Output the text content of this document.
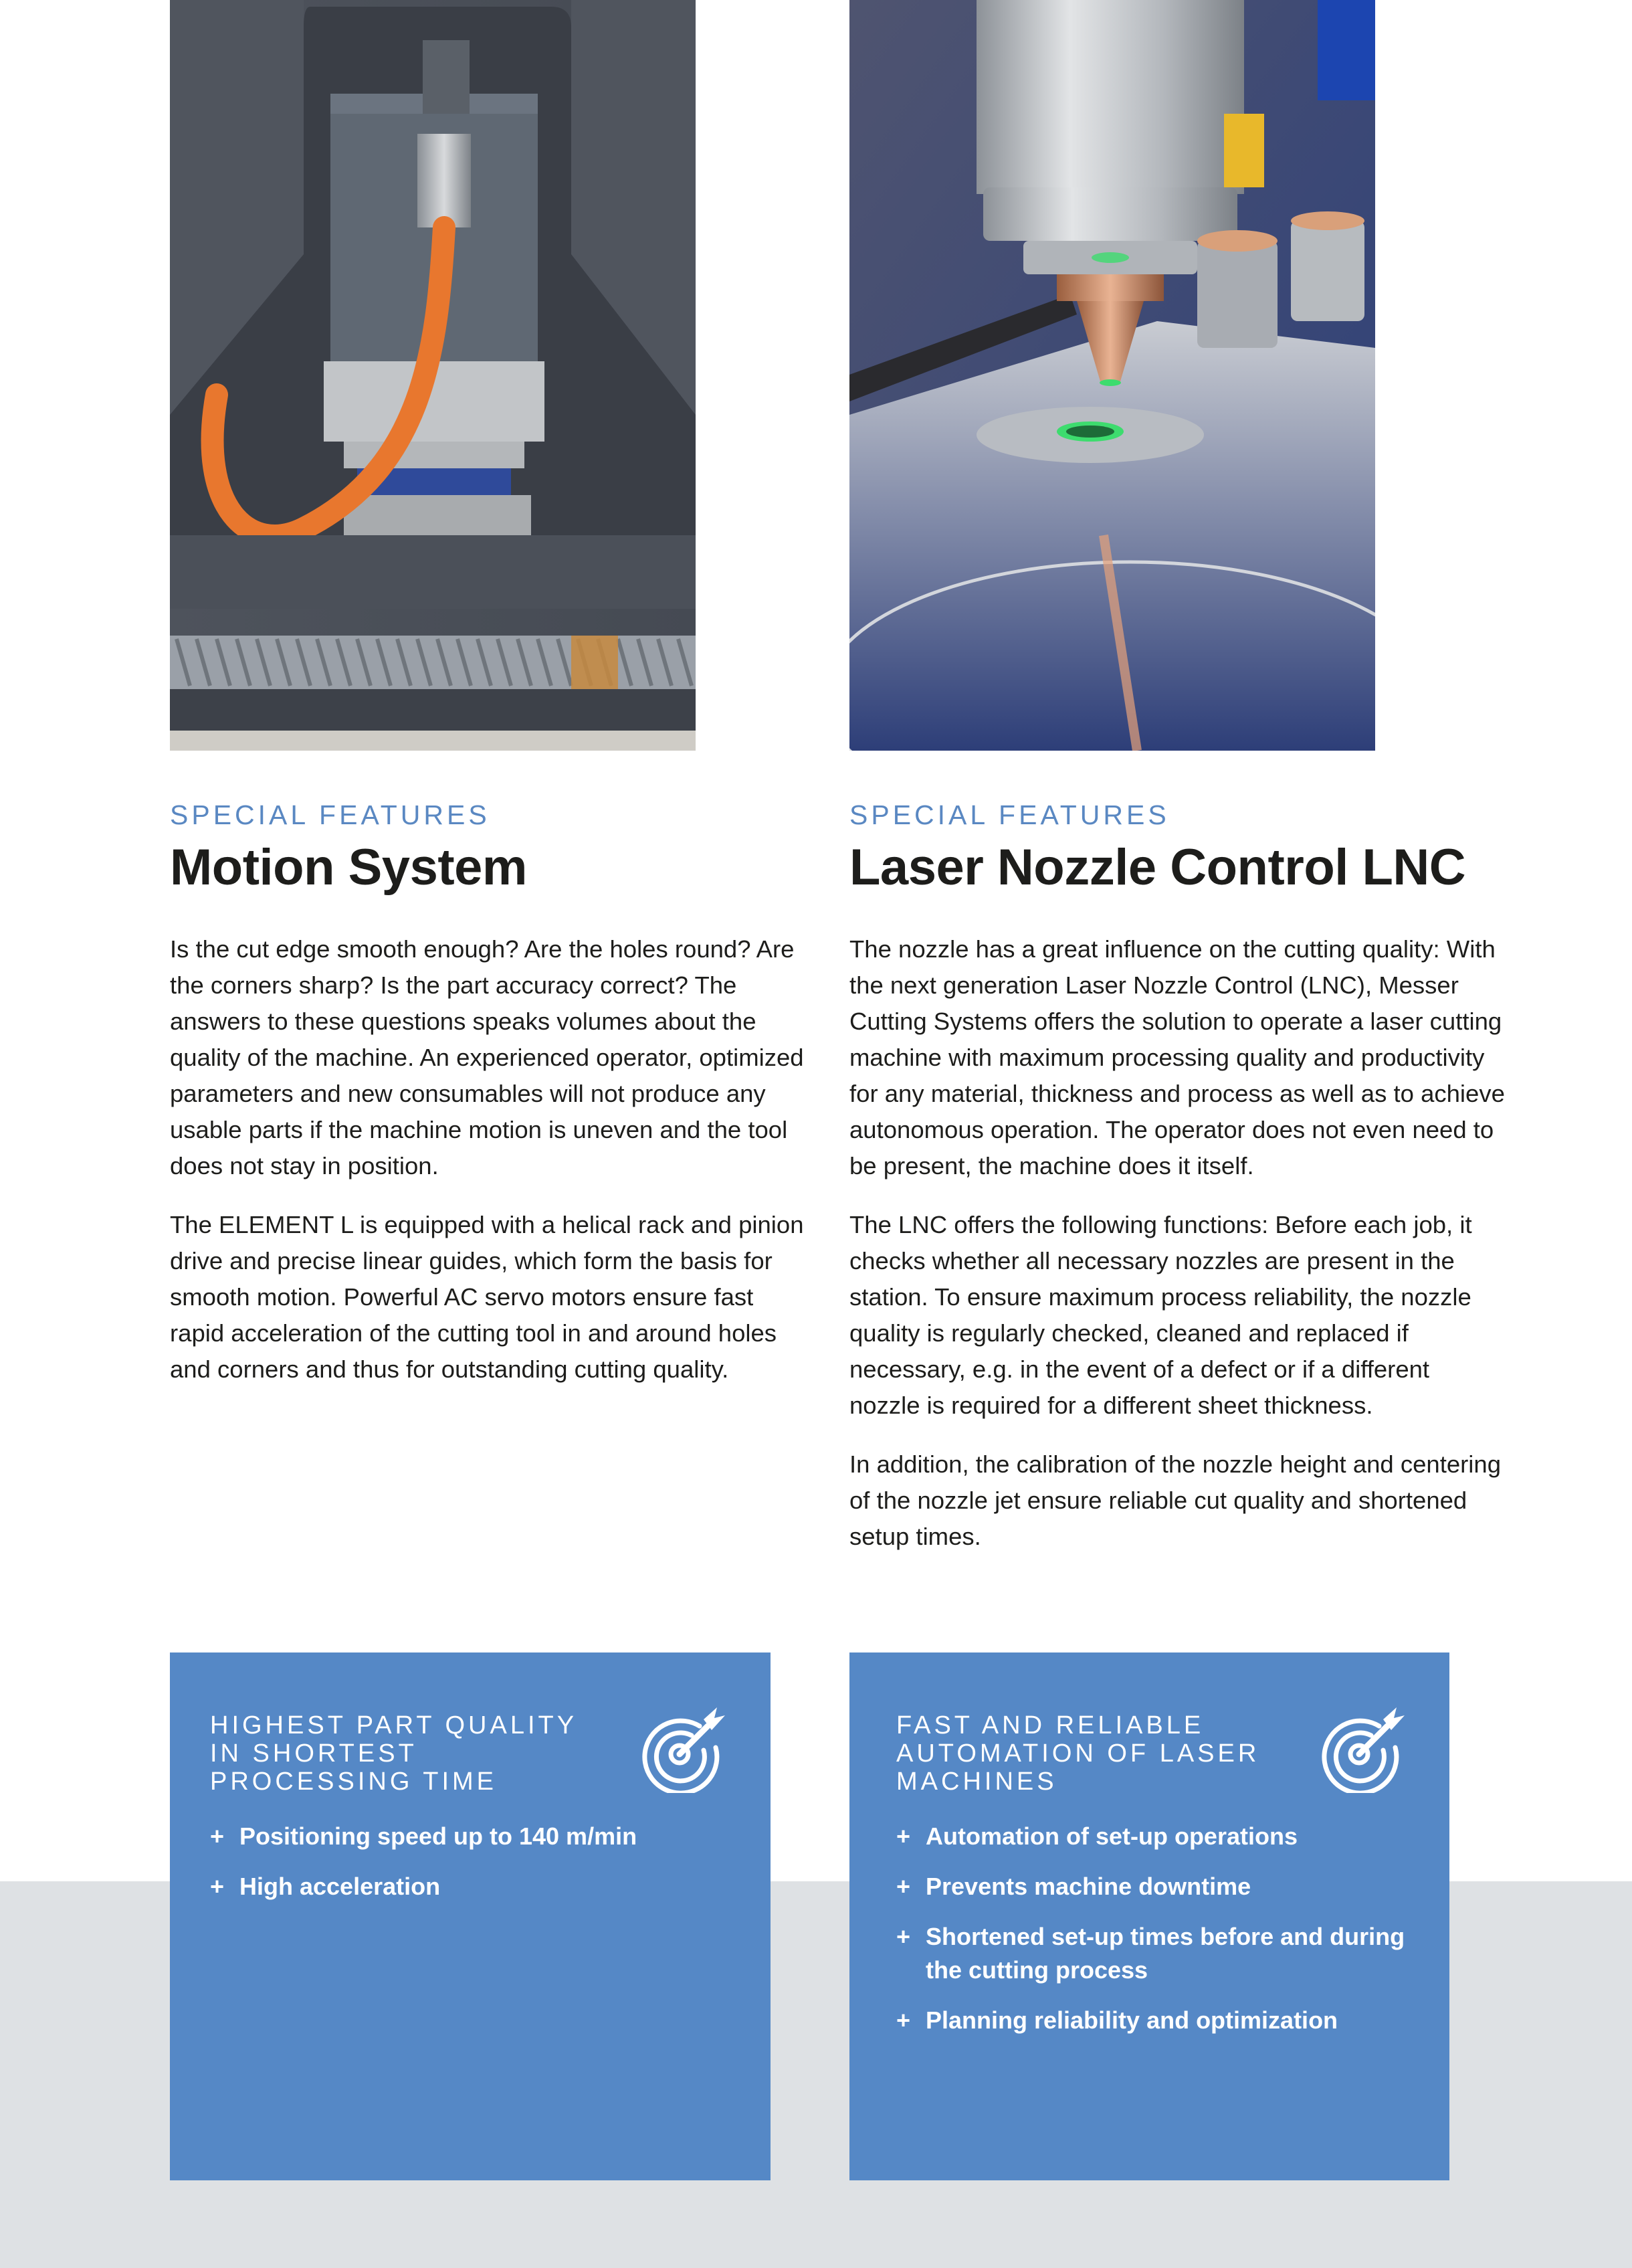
SPECIAL FEATURES
Motion System

Is the cut edge smooth enough? Are the holes round? Are the corners sharp? Is the part accuracy correct? The answers to these questions speaks volumes about the quality of the machine. An experienced operator, optimized parameters and new consumables will not produce any usable parts if the machine motion is uneven and the tool does not stay in position.

The ELEMENT L is equipped with a helical rack and pinion drive and precise linear guides, which form the basis for smooth motion. Powerful AC servo motors ensure fast rapid acceleration of the cutting tool in and around holes and corners and thus for outstanding cutting quality.

SPECIAL FEATURES
Laser Nozzle Control LNC

The nozzle has a great influence on the cutting quality: With the next generation Laser Nozzle Control (LNC), Messer Cutting Systems offers the solution to operate a laser cutting machine with maximum processing quality and productivity for any material, thickness and process as well as to achieve autonomous operation. The operator does not even need to be present, the machine does it itself.

The LNC offers the following functions: Before each job, it checks whether all necessary nozzles are present in the station. To ensure maximum process reliability, the nozzle quality is regularly checked, cleaned and replaced if necessary, e.g. in the event of a defect or if a different nozzle is required for a different sheet thickness.

In addition, the calibration of the nozzle height and centering of the nozzle jet ensure reliable cut quality and shortened setup times.

HIGHEST PART QUALITY IN SHORTEST PROCESSING TIME
+ Positioning speed up to 140 m/min
+ High acceleration
FAST AND RELIABLE AUTOMATION OF LASER MACHINES
+ Automation of set-up operations
+ Prevents machine downtime
+ Shortened set-up times before and during the cutting process
+ Planning reliability and optimization
